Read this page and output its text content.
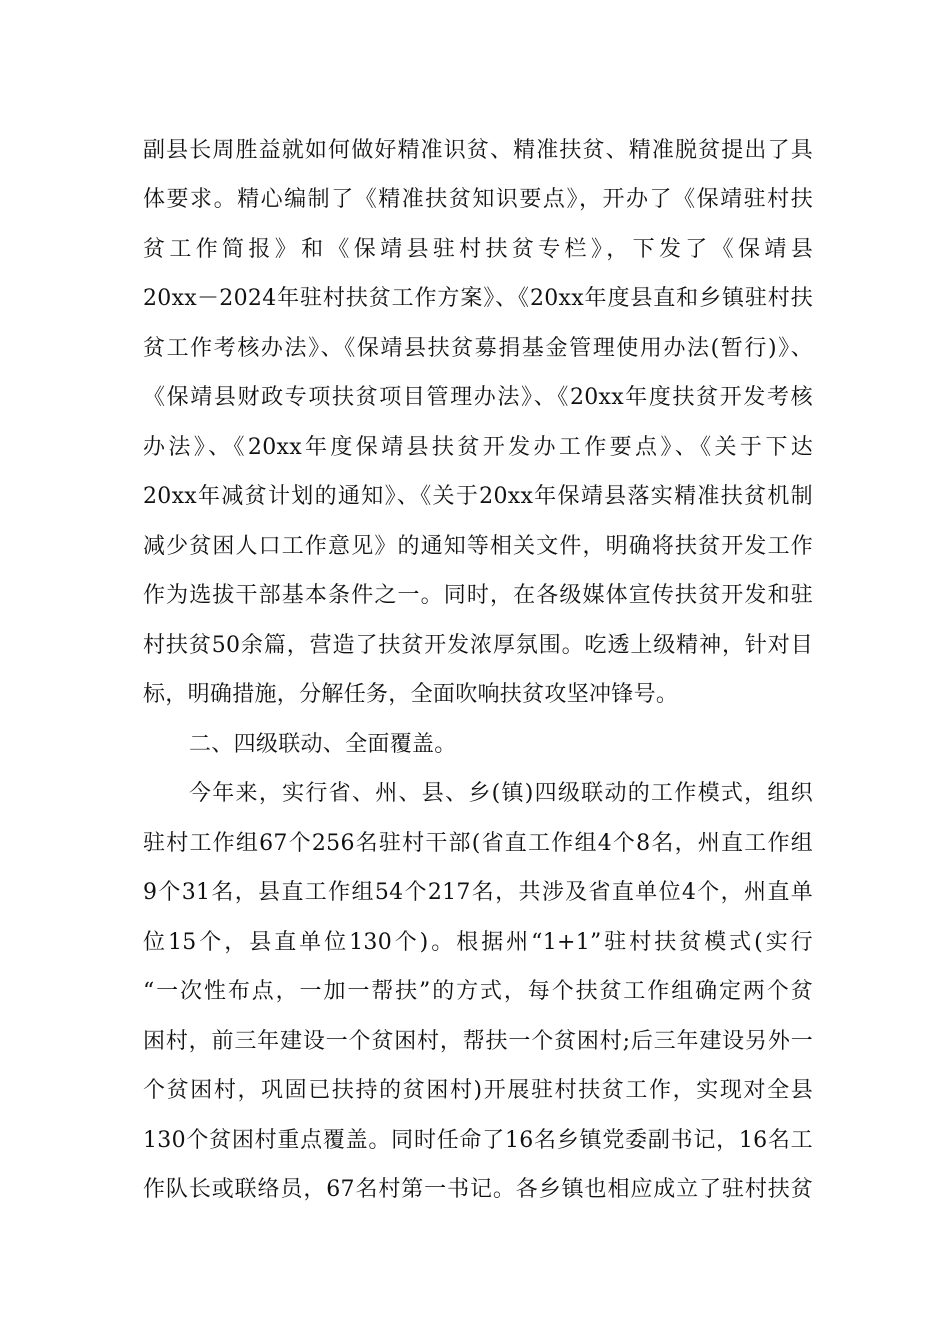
副县长周胜益就如何做好精准识贫、精准扶贫、精准脱贫提出了具
体要求。精心编制了《精准扶贫知识要点》，开办了《保靖驻村扶
贫工作简报》和《保靖县驻村扶贫专栏》，下发了《保靖县
20xx－2024年驻村扶贫工作方案》、《20xx年度县直和乡镇驻村扶
贫工作考核办法》、《保靖县扶贫募捐基金管理使用办法(暂行)》、
《保靖县财政专项扶贫项目管理办法》、《20xx年度扶贫开发考核
办法》、《20xx年度保靖县扶贫开发办工作要点》、《关于下达
20xx年减贫计划的通知》、《关于20xx年保靖县落实精准扶贫机制
减少贫困人口工作意见》的通知等相关文件，明确将扶贫开发工作
作为选拔干部基本条件之一。同时，在各级媒体宣传扶贫开发和驻
村扶贫50余篇，营造了扶贫开发浓厚氛围。吃透上级精神，针对目
标，明确措施，分解任务，全面吹响扶贫攻坚冲锋号。
二、四级联动、全面覆盖。
今年来，实行省、州、县、乡(镇)四级联动的工作模式，组织
驻村工作组67个256名驻村干部(省直工作组4个8名，州直工作组
9个31名，县直工作组54个217名，共涉及省直单位4个，州直单
位15个，县直单位130个)。根据州“1+1”驻村扶贫模式(实行
“一次性布点，一加一帮扶”的方式，每个扶贫工作组确定两个贫
困村，前三年建设一个贫困村，帮扶一个贫困村;后三年建设另外一
个贫困村，巩固已扶持的贫困村)开展驻村扶贫工作，实现对全县
130个贫困村重点覆盖。同时任命了16名乡镇党委副书记，16名工
作队长或联络员，67名村第一书记。各乡镇也相应成立了驻村扶贫
